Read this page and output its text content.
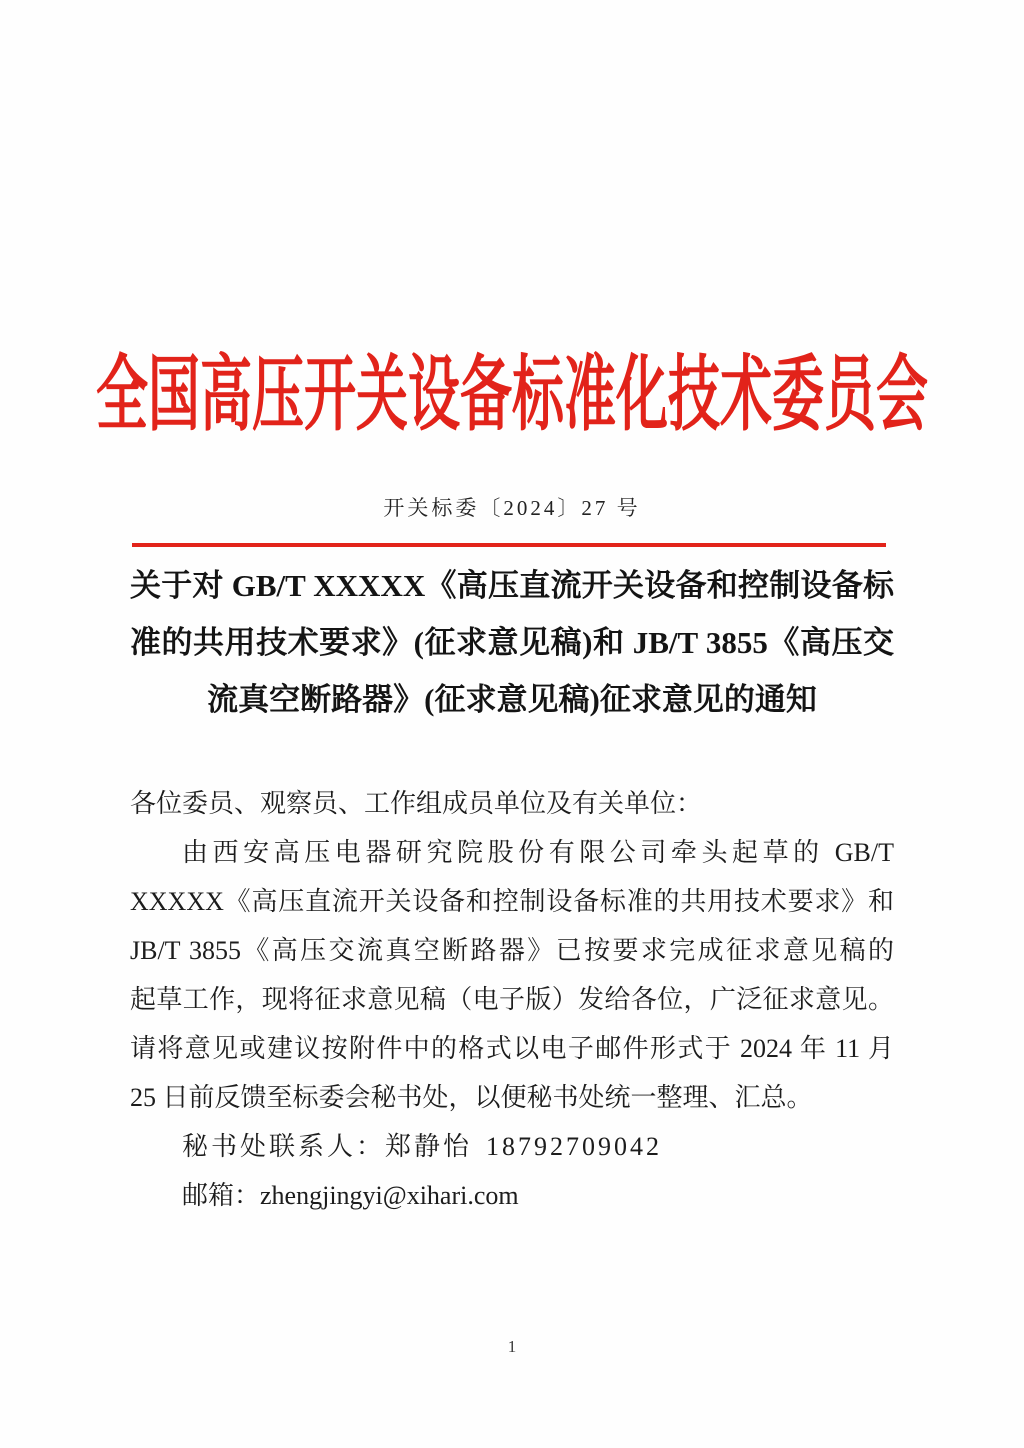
全国高压开关设备标准化技术委员会
开关标委〔2024〕27 号
关于对 GB/T XXXXX《高压直流开关设备和控制设备标
准的共用技术要求》(征求意见稿)和 JB/T 3855《高压交
流真空断路器》(征求意见稿)征求意见的通知
各位委员、观察员、工作组成员单位及有关单位：
由西安高压电器研究院股份有限公司牵头起草的 GB/T
XXXXX《高压直流开关设备和控制设备标准的共用技术要求》和
JB/T 3855《高压交流真空断路器》已按要求完成征求意见稿的
起草工作，现将征求意见稿（电子版）发给各位，广泛征求意见。
请将意见或建议按附件中的格式以电子邮件形式于 2024 年 11 月
25 日前反馈至标委会秘书处，以便秘书处统一整理、汇总。
秘书处联系人：郑静怡 18792709042
邮箱：zhengjingyi@xihari.com
1
